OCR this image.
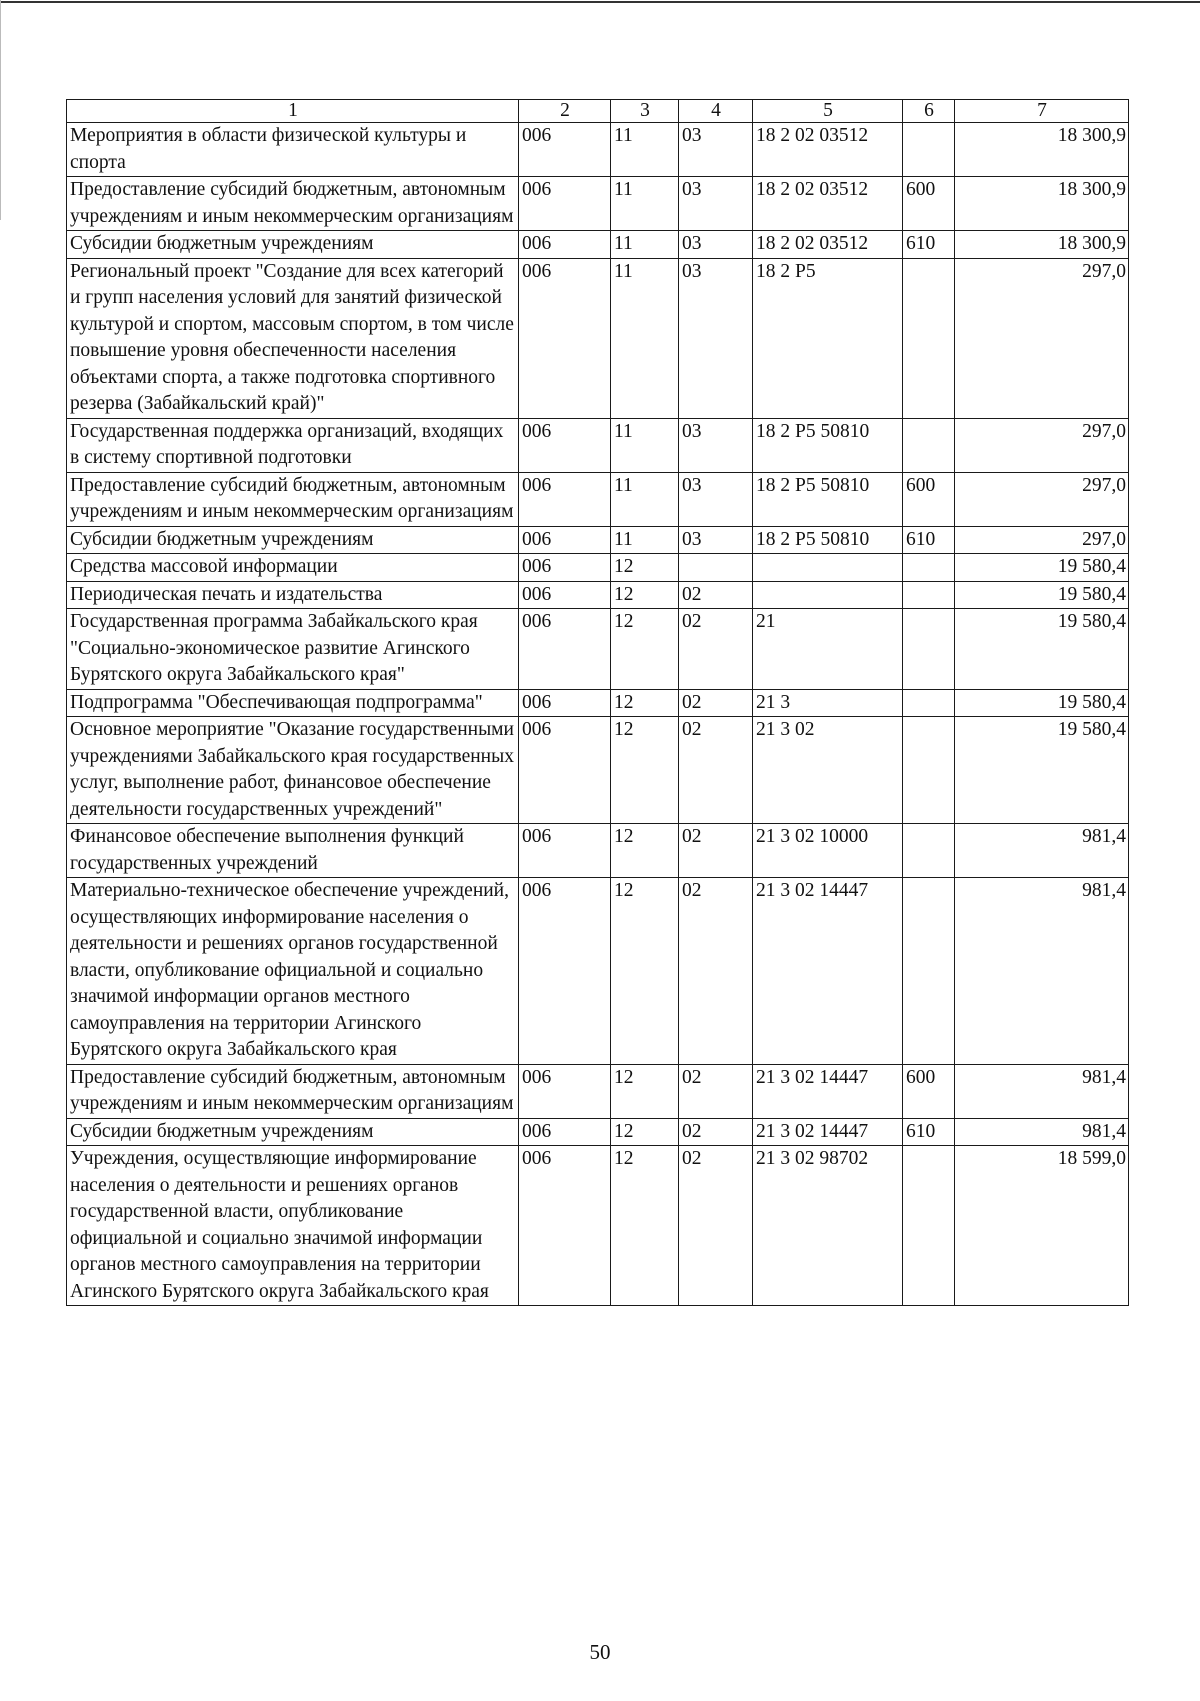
1	2	3	4	5	6	7
Мероприятия в области физической культуры и спорта	006	11	03	18 2 02 03512		18 300,9
Предоставление субсидий бюджетным, автономным учреждениям и иным некоммерческим организациям	006	11	03	18 2 02 03512	600	18 300,9
Субсидии бюджетным учреждениям	006	11	03	18 2 02 03512	610	18 300,9
Региональный проект "Создание для всех категорий и групп населения условий для занятий физической культурой и спортом, массовым спортом, в том числе повышение уровня обеспеченности населения объектами спорта, а также подготовка спортивного резерва (Забайкальский край)"	006	11	03	18 2 P5		297,0
Государственная поддержка организаций, входящих в систему спортивной подготовки	006	11	03	18 2 P5 50810		297,0
Предоставление субсидий бюджетным, автономным учреждениям и иным некоммерческим организациям	006	11	03	18 2 P5 50810	600	297,0
Субсидии бюджетным учреждениям	006	11	03	18 2 P5 50810	610	297,0
Средства массовой информации	006	12				19 580,4
Периодическая печать и издательства	006	12	02			19 580,4
Государственная программа Забайкальского края "Социально-экономическое развитие Агинского Бурятского округа Забайкальского края"	006	12	02	21		19 580,4
Подпрограмма "Обеспечивающая подпрограмма"	006	12	02	21 3		19 580,4
Основное мероприятие "Оказание государственными учреждениями Забайкальского края государственных услуг, выполнение работ, финансовое обеспечение деятельности государственных учреждений"	006	12	02	21 3 02		19 580,4
Финансовое обеспечение выполнения функций государственных учреждений	006	12	02	21 3 02 10000		981,4
Материально-техническое обеспечение учреждений, осуществляющих информирование населения о деятельности и решениях органов государственной власти, опубликование официальной и социально значимой информации органов местного самоуправления на территории Агинского Бурятского округа Забайкальского края	006	12	02	21 3 02 14447		981,4
Предоставление субсидий бюджетным, автономным учреждениям и иным некоммерческим организациям	006	12	02	21 3 02 14447	600	981,4
Субсидии бюджетным учреждениям	006	12	02	21 3 02 14447	610	981,4
Учреждения, осуществляющие информирование населения о деятельности и решениях органов государственной власти, опубликование официальной и социально значимой информации органов местного самоуправления на территории Агинского Бурятского округа Забайкальского края	006	12	02	21 3 02 98702		18 599,0
50
